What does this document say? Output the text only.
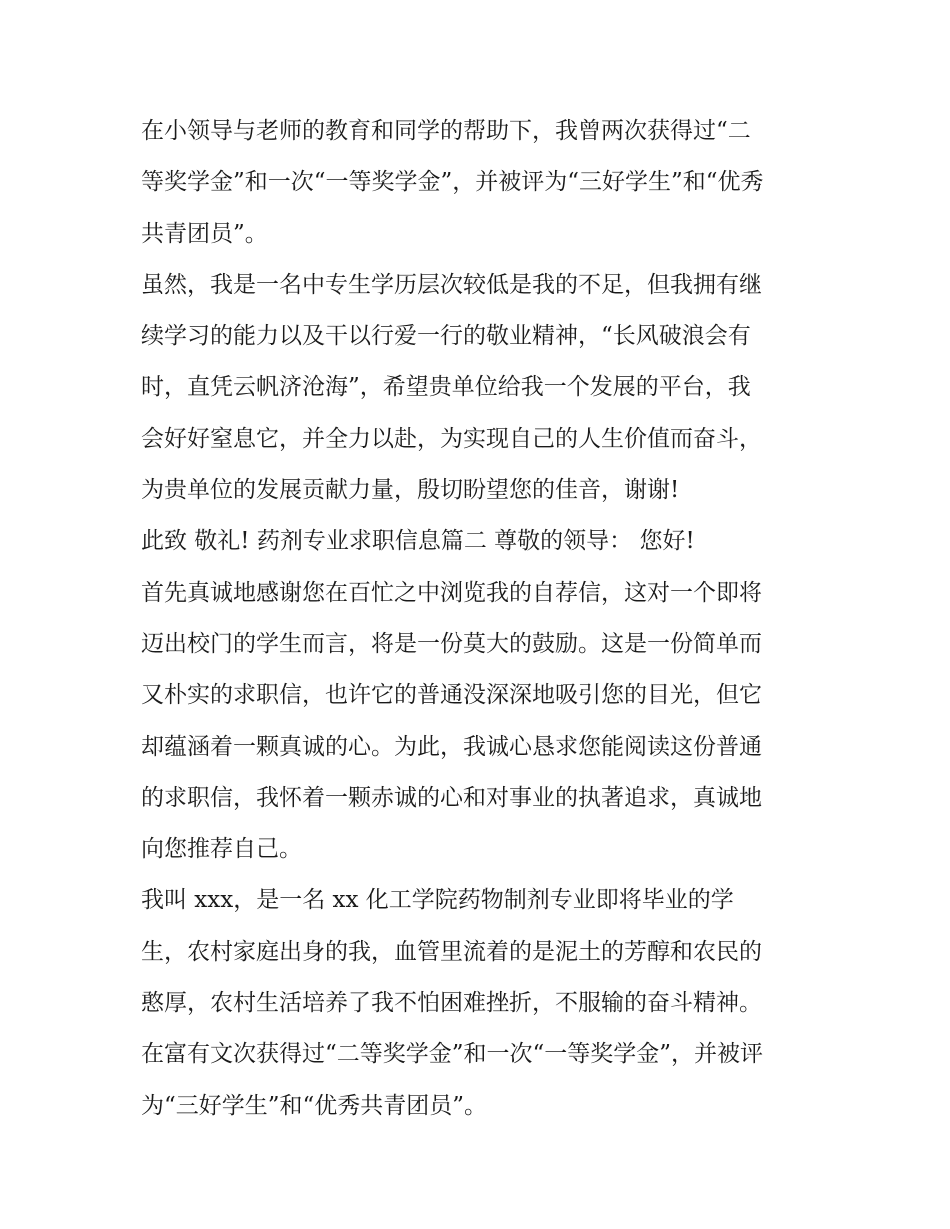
在小领导与老师的教育和同学的帮助下，我曾两次获得过“二
等奖学金”和一次“一等奖学金”，并被评为“三好学生”和“优秀
共青团员”。
虽然，我是一名中专生学历层次较低是我的不足，但我拥有继
续学习的能力以及干以行爱一行的敬业精神，“长风破浪会有
时，直凭云帆济沧海”，希望贵单位给我一个发展的平台，我
会好好窒息它，并全力以赴，为实现自己的人生价值而奋斗，
为贵单位的发展贡献力量，殷切盼望您的佳音，谢谢!
此致 敬礼! 药剂专业求职信息篇二 尊敬的领导： 您好!
首先真诚地感谢您在百忙之中浏览我的自荐信，这对一个即将
迈出校门的学生而言，将是一份莫大的鼓励。这是一份简单而
又朴实的求职信，也许它的普通没深深地吸引您的目光，但它
却蕴涵着一颗真诚的心。为此，我诚心恳求您能阅读这份普通
的求职信，我怀着一颗赤诚的心和对事业的执著追求，真诚地
向您推荐自己。
我叫 xxx，是一名 xx 化工学院药物制剂专业即将毕业的学
生，农村家庭出身的我，血管里流着的是泥土的芳醇和农民的
憨厚，农村生活培养了我不怕困难挫折，不服输的奋斗精神。
在富有文次获得过“二等奖学金”和一次“一等奖学金”，并被评
为“三好学生”和“优秀共青团员”。
